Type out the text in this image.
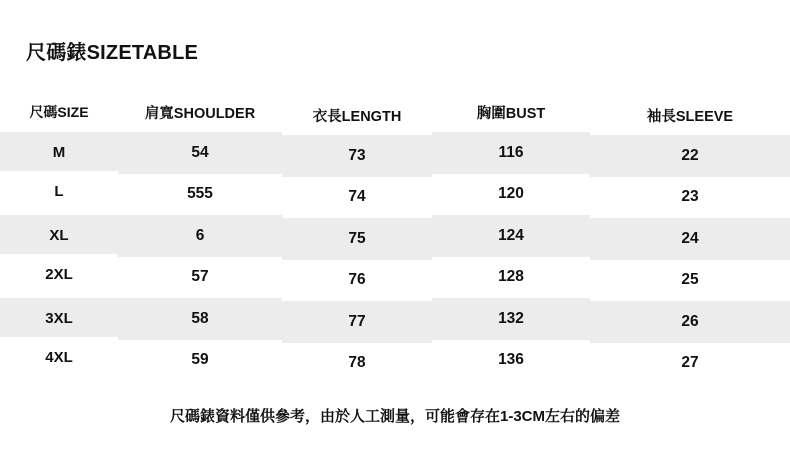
尺碼錶SIZETABLE
尺碼SIZE	肩寬SHOULDER	衣長LENGTH	胸圍BUST	袖長SLEEVE
M	54	73	116	22
L	555	74	120	23
XL	6	75	124	24
2XL	57	76	128	25
3XL	58	77	132	26
4XL	59	78	136	27
尺碼錶資料僅供參考，由於人工測量，可能會存在1-3CM左右的偏差
